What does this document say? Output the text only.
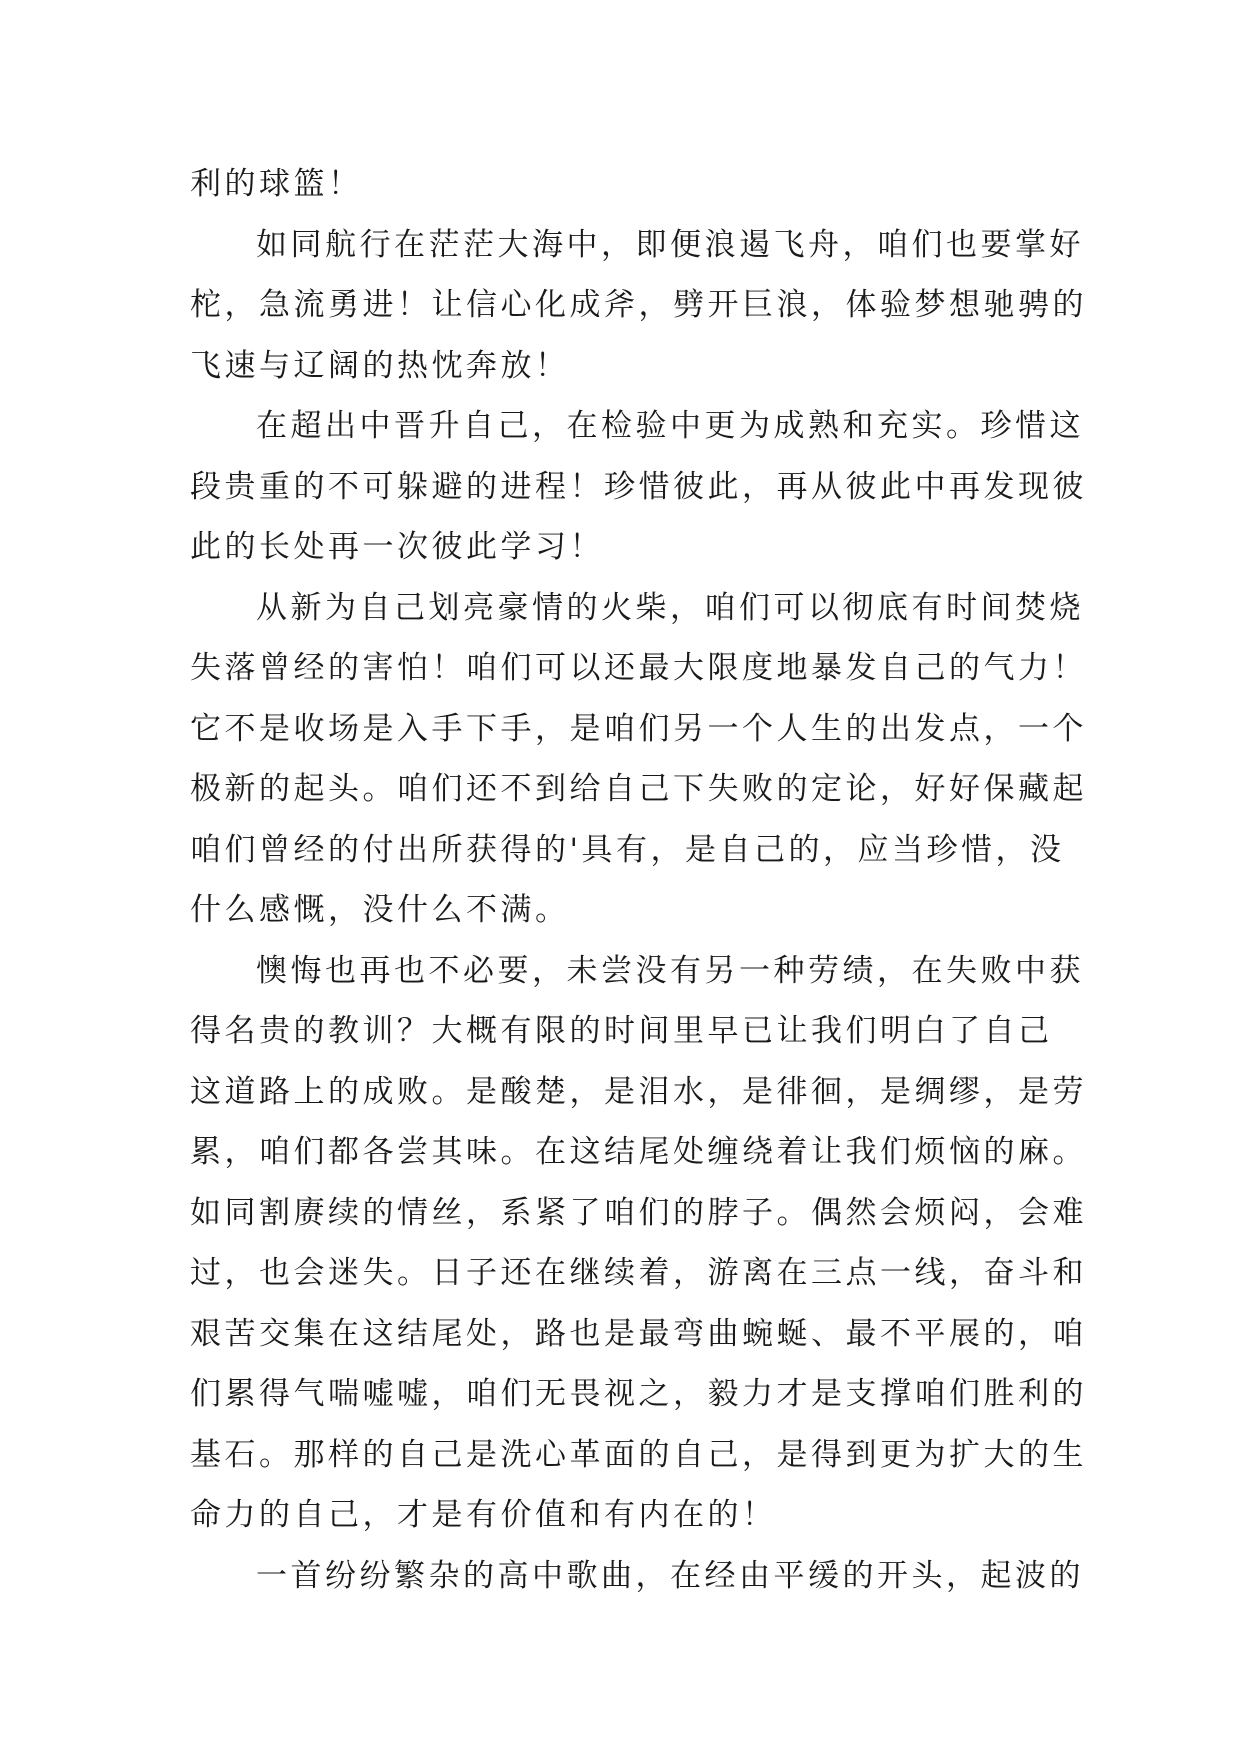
利的球篮！
如同航行在茫茫大海中，即便浪遏飞舟，咱们也要掌好
柁，急流勇进！让信心化成斧，劈开巨浪，体验梦想驰骋的
飞速与辽阔的热忱奔放！
在超出中晋升自己，在检验中更为成熟和充实。珍惜这
段贵重的不可躲避的进程！珍惜彼此，再从彼此中再发现彼
此的长处再一次彼此学习！
从新为自己划亮豪情的火柴，咱们可以彻底有时间焚烧
失落曾经的害怕！咱们可以还最大限度地暴发自己的气力！
它不是收场是入手下手，是咱们另一个人生的出发点，一个
极新的起头。咱们还不到给自己下失败的定论，好好保藏起
咱们曾经的付出所获得的'具有，是自己的，应当珍惜，没
什么感慨，没什么不满。
懊悔也再也不必要，未尝没有另一种劳绩，在失败中获
得名贵的教训？大概有限的时间里早已让我们明白了自己
这道路上的成败。是酸楚，是泪水，是徘徊，是绸缪，是劳
累，咱们都各尝其味。在这结尾处缠绕着让我们烦恼的麻。
如同割赓续的情丝，系紧了咱们的脖子。偶然会烦闷，会难
过，也会迷失。日子还在继续着，游离在三点一线，奋斗和
艰苦交集在这结尾处，路也是最弯曲蜿蜒、最不平展的，咱
们累得气喘嘘嘘，咱们无畏视之，毅力才是支撑咱们胜利的
基石。那样的自己是洗心革面的自己，是得到更为扩大的生
命力的自己，才是有价值和有内在的！
一首纷纷繁杂的高中歌曲，在经由平缓的开头，起波的
